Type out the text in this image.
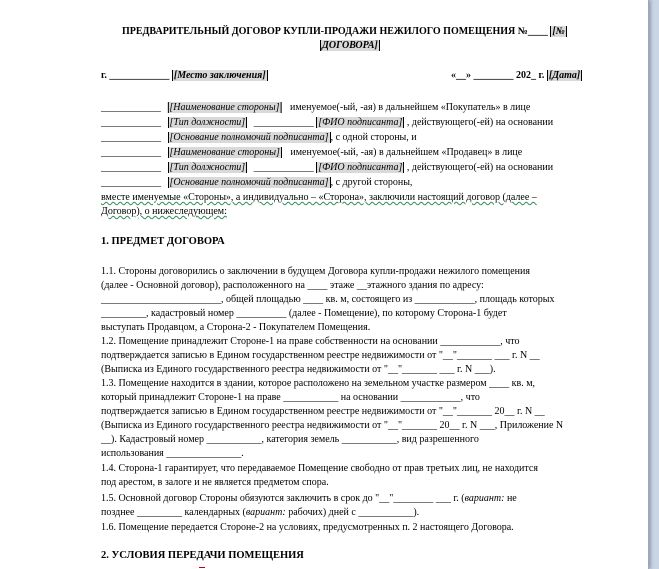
ПРЕДВАРИТЕЛЬНЫЙ ДОГОВОР КУПЛИ-ПРОДАЖИ НЕЖИЛОГО ПОМЕЩЕНИЯ №____ [№
ДОГОВОРА]
г. ____________ [Место заключения]	«__» ________ 202_ г. [Дата]
____________ [Наименование стороны] именуемое(-ый, -ая) в дальнейшем «Покупатель» в лице
____________ [Тип должности] ____________ [ФИО подписанта] , действующего(-ей) на основании
____________ [Основание полномочий подписанта] , с одной стороны, и
____________ [Наименование стороны] именуемое(-ый, -ая) в дальнейшем «Продавец» в лице
____________ [Тип должности] ____________ [ФИО подписанта] , действующего(-ей) на основании
____________ [Основание полномочий подписанта] , с другой стороны,
вместе именуемые «Стороны», а индивидуально – «Сторона», заключили настоящий договор (далее –
Договор), о нижеследующем:
1. ПРЕДМЕТ ДОГОВОРА
1.1. Стороны договорились о заключении в будущем Договора купли-продажи нежилого помещения
(далее - Основной договор), расположенного на ____ этаже __этажного здания по адресу:
________________________, общей площадью ____ кв. м, состоящего из ____________, площадь которых
_________, кадастровый номер __________ (далее - Помещение), по которому Сторона-1 будет
выступать Продавцом, а Сторона-2 - Покупателем Помещения.
1.2. Помещение принадлежит Стороне-1 на праве собственности на основании ____________, что
подтверждается записью в Едином государственном реестре недвижимости от "__"_______ ___ г. N __
(Выписка из Единого государственного реестра недвижимости от "__"_______ ___ г. N ___).
1.3. Помещение находится в здании, которое расположено на земельном участке размером ____ кв. м,
который принадлежит Стороне-1 на праве ___________ на основании ____________, что
подтверждается записью в Едином государственном реестре недвижимости от "__"_______ 20__ г. N __
(Выписка из Единого государственного реестра недвижимости от "__"_______ 20__ г. N ___, Приложение N
__). Кадастровый номер ___________, категория земель ___________, вид разрешенного
использования _______________.
1.4. Сторона-1 гарантирует, что передаваемое Помещение свободно от прав третьих лиц, не находится
под арестом, в залоге и не является предметом спора.
1.5. Основной договор Стороны обязуются заключить в срок до "__"________ ___ г. (вариант: не
позднее _________ календарных (вариант: рабочих) дней с ___________).
1.6. Помещение передается Стороне-2 на условиях, предусмотренных п. 2 настоящего Договора.
2. УСЛОВИЯ ПЕРЕДАЧИ ПОМЕЩЕНИЯ
